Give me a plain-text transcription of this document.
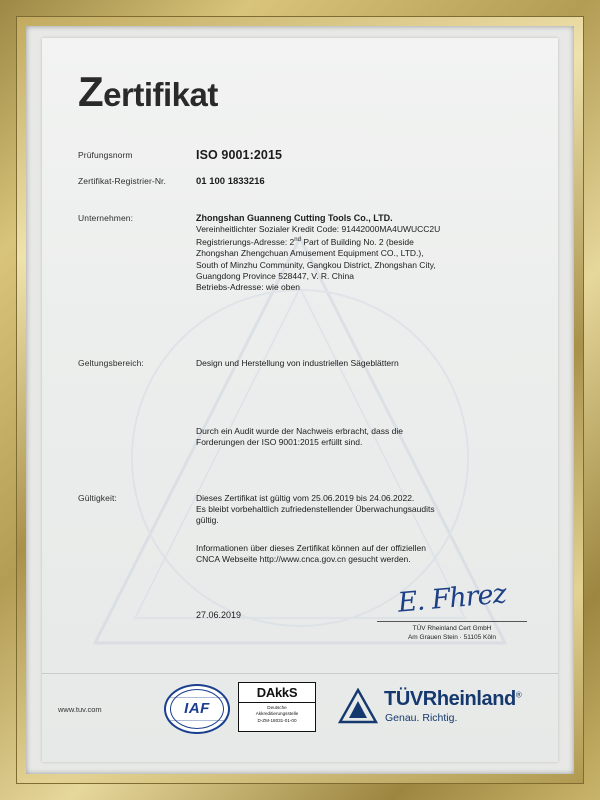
Zertifikat
Prüfungsnorm	ISO 9001:2015
Zertifikat-Registrier-Nr.	01 100 1833216
Unternehmen:	Zhongshan Guanneng Cutting Tools Co., LTD.
Vereinheitlichter Sozialer Kredit Code: 91442000MA4UWUCC2U
Registrierungs-Adresse: 2nd Part of Building No. 2 (beside
Zhongshan Zhengchuan Amusement Equipment CO., LTD.),
South of Minzhu Community, Gangkou District, Zhongshan City,
Guangdong Province 528447, V. R. China
Betriebs-Adresse: wie oben
Geltungsbereich:	Design und Herstellung von industriellen Sägeblättern
Durch ein Audit wurde der Nachweis erbracht, dass die
Forderungen der ISO 9001:2015 erfüllt sind.
Gültigkeit:	Dieses Zertifikat ist gültig vom 25.06.2019 bis 24.06.2022.
Es bleibt vorbehaltlich zufriedenstellender Überwachungsaudits
gültig.
Informationen über dieses Zertifikat können auf der offiziellen
CNCA Webseite http://www.cnca.gov.cn gesucht werden.
27.06.2019	E. Fhrez
TÜV Rheinland Cert GmbH
Am Grauen Stein · 51105 Köln
www.tuv.com	IAF
DAkkS
Deutsche
Akkreditierungsstelle
D-ZM-18031-01-00
TÜVRheinland®
Genau. Richtig.
